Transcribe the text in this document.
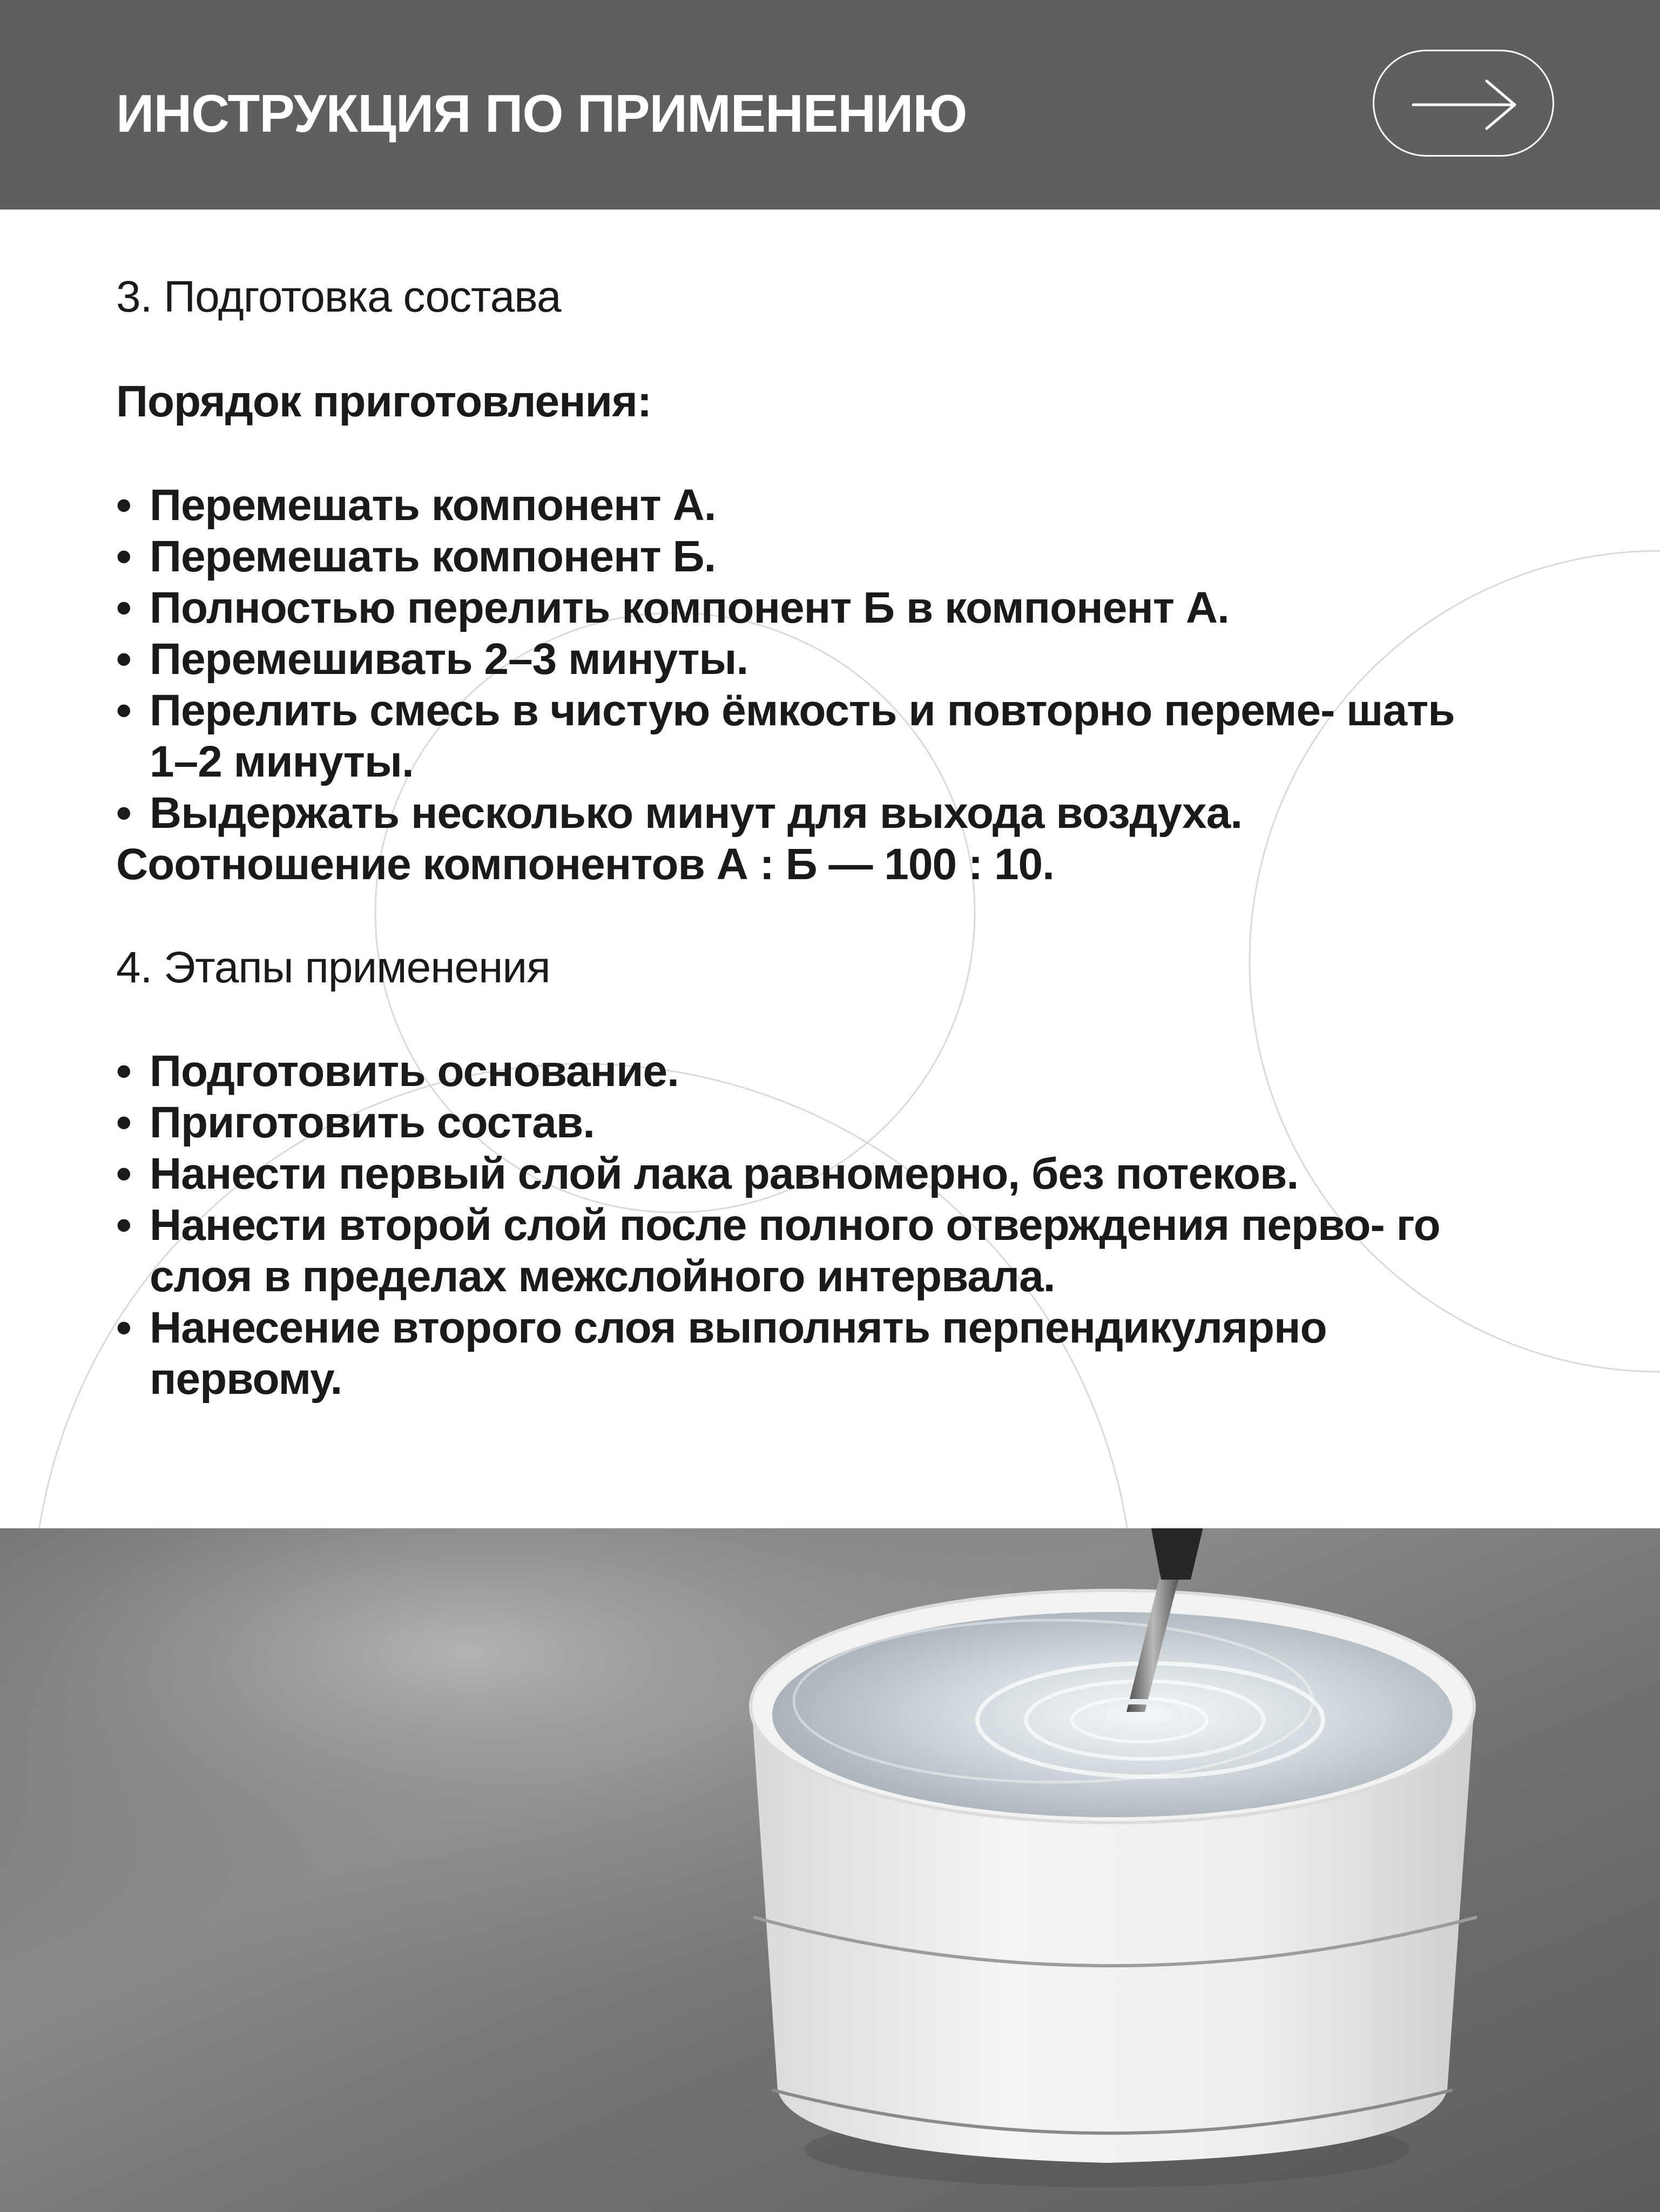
ИНСТРУКЦИЯ ПО ПРИМЕНЕНИЮ

3. Подготовка состава

Порядок приготовления:

• Перемешать компонент А.
• Перемешать компонент Б.
• Полностью перелить компонент Б в компонент А.
• Перемешивать 2–3 минуты.
• Перелить смесь в чистую ёмкость и повторно переме- шать 1–2 минуты.
• Выдержать несколько минут для выхода воздуха.

Соотношение компонентов А : Б — 100 : 10.

4. Этапы применения

• Подготовить основание.
• Приготовить состав.
• Нанести первый слой лака равномерно, без потеков.
• Нанести второй слой после полного отверждения перво- го слоя в пределах межслойного интервала.
• Нанесение второго слоя выполнять перпендикулярно первому.
